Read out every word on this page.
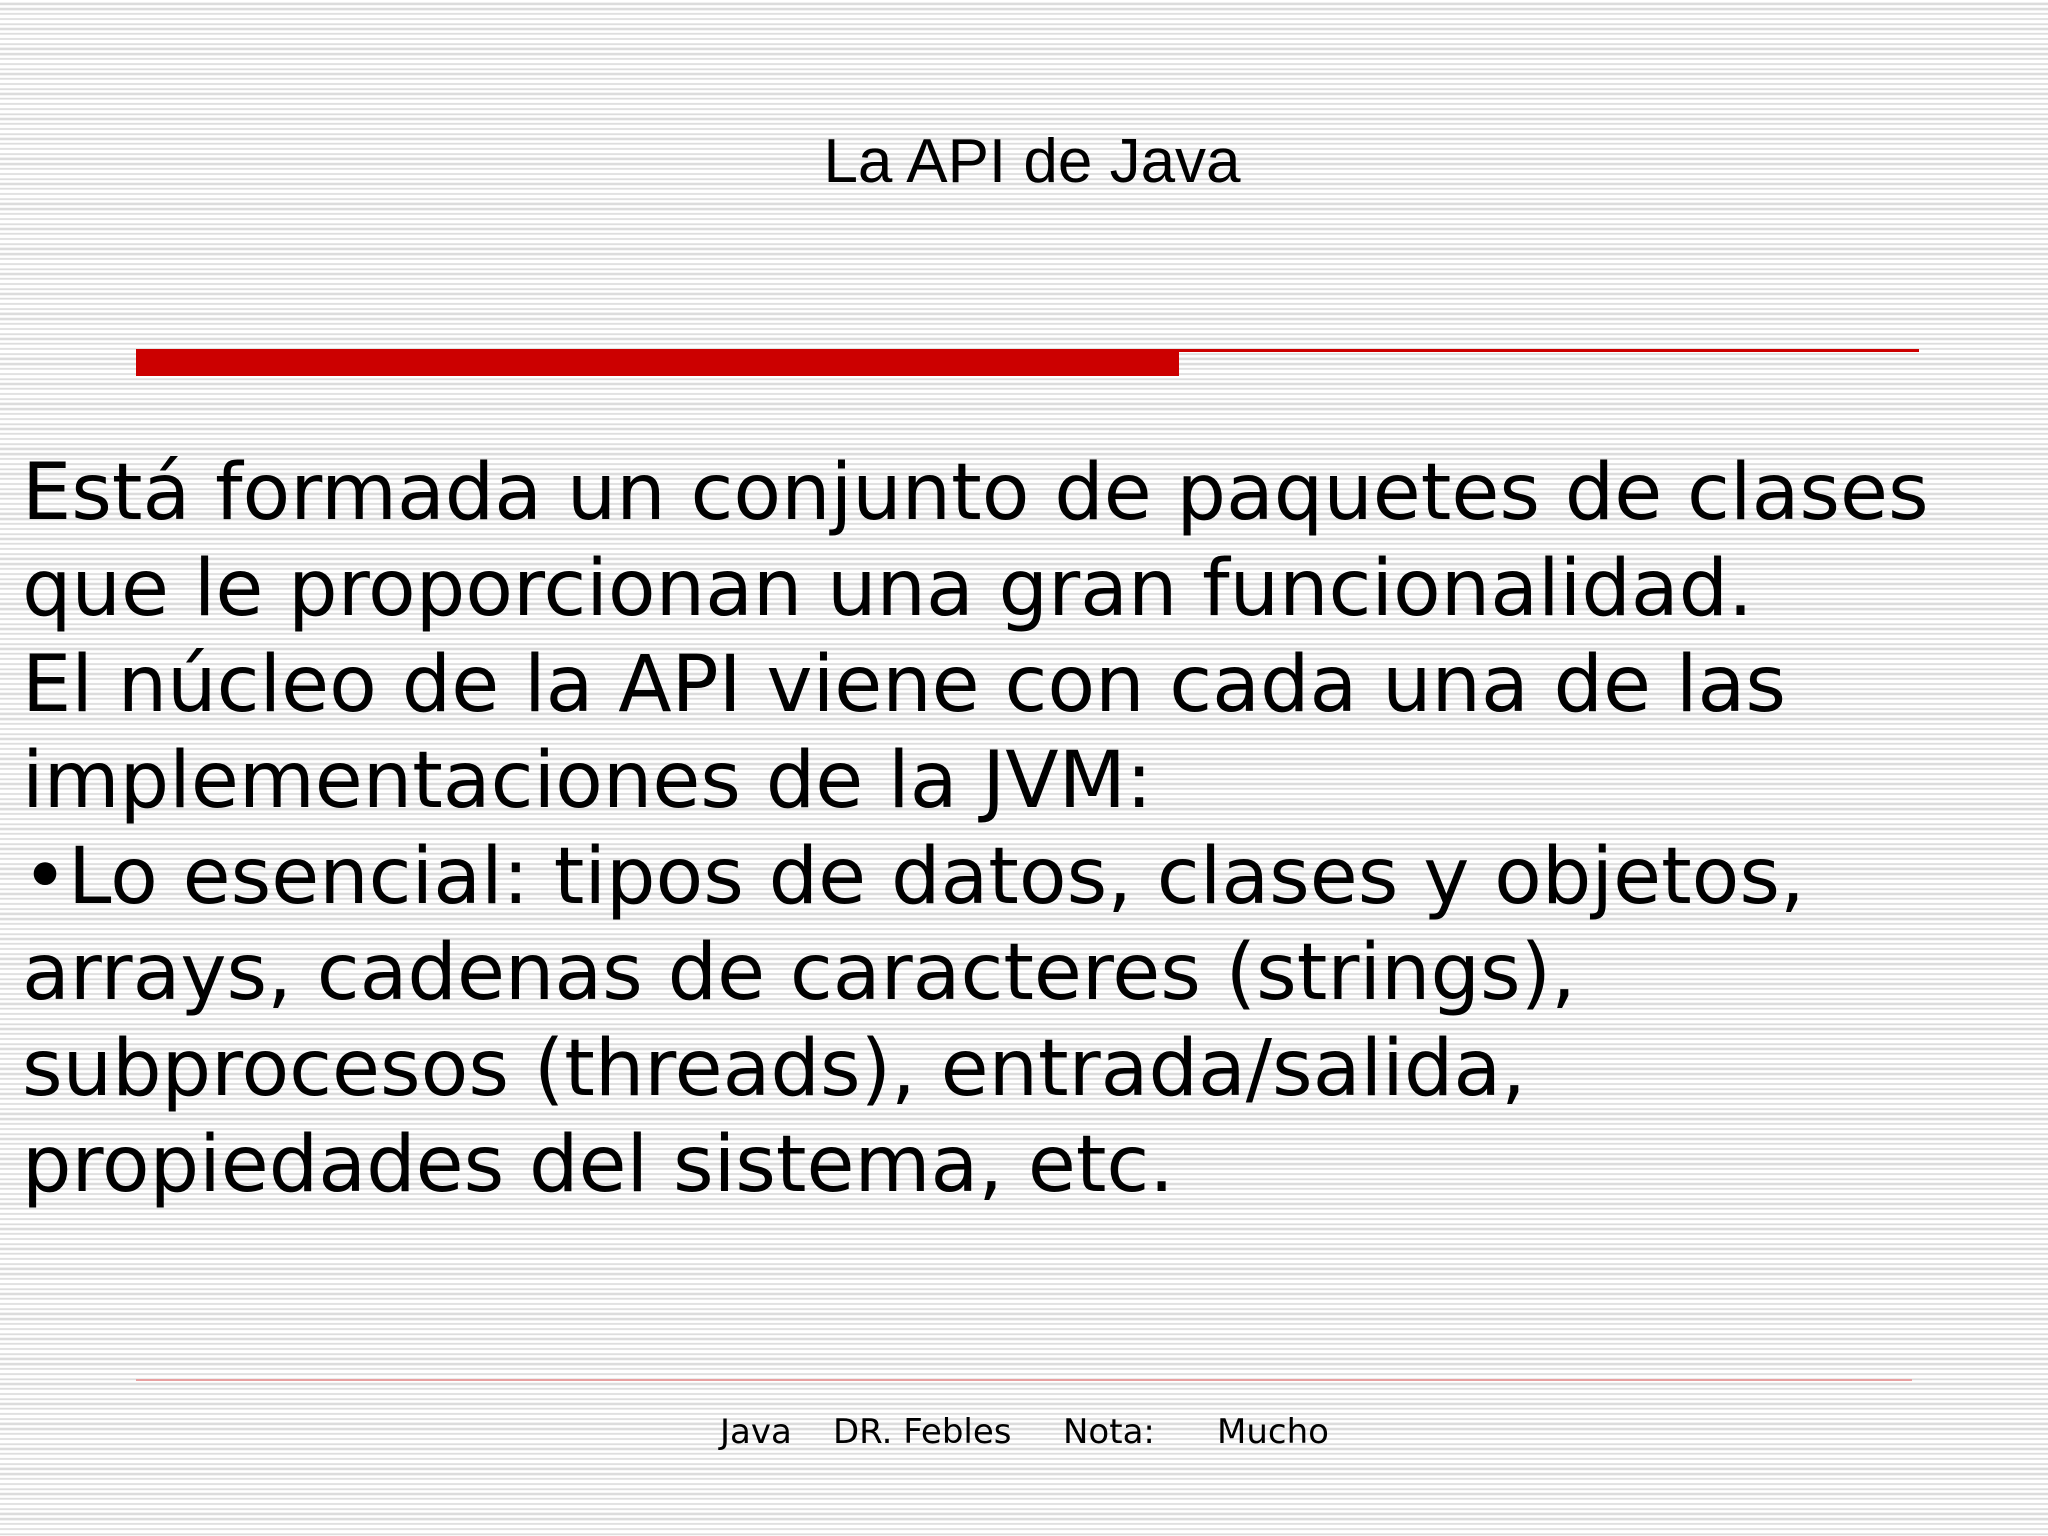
La API de Java
Está formada un conjunto de paquetes de clases
que le proporcionan una gran funcionalidad.
El núcleo de la API viene con cada una de las
implementaciones de la JVM:
•Lo esencial: tipos de datos, clases y objetos,
arrays, cadenas de caracteres (strings),
subprocesos (threads), entrada/salida,
propiedades del sistema, etc.
Java DR. Febles Nota: Mucho
